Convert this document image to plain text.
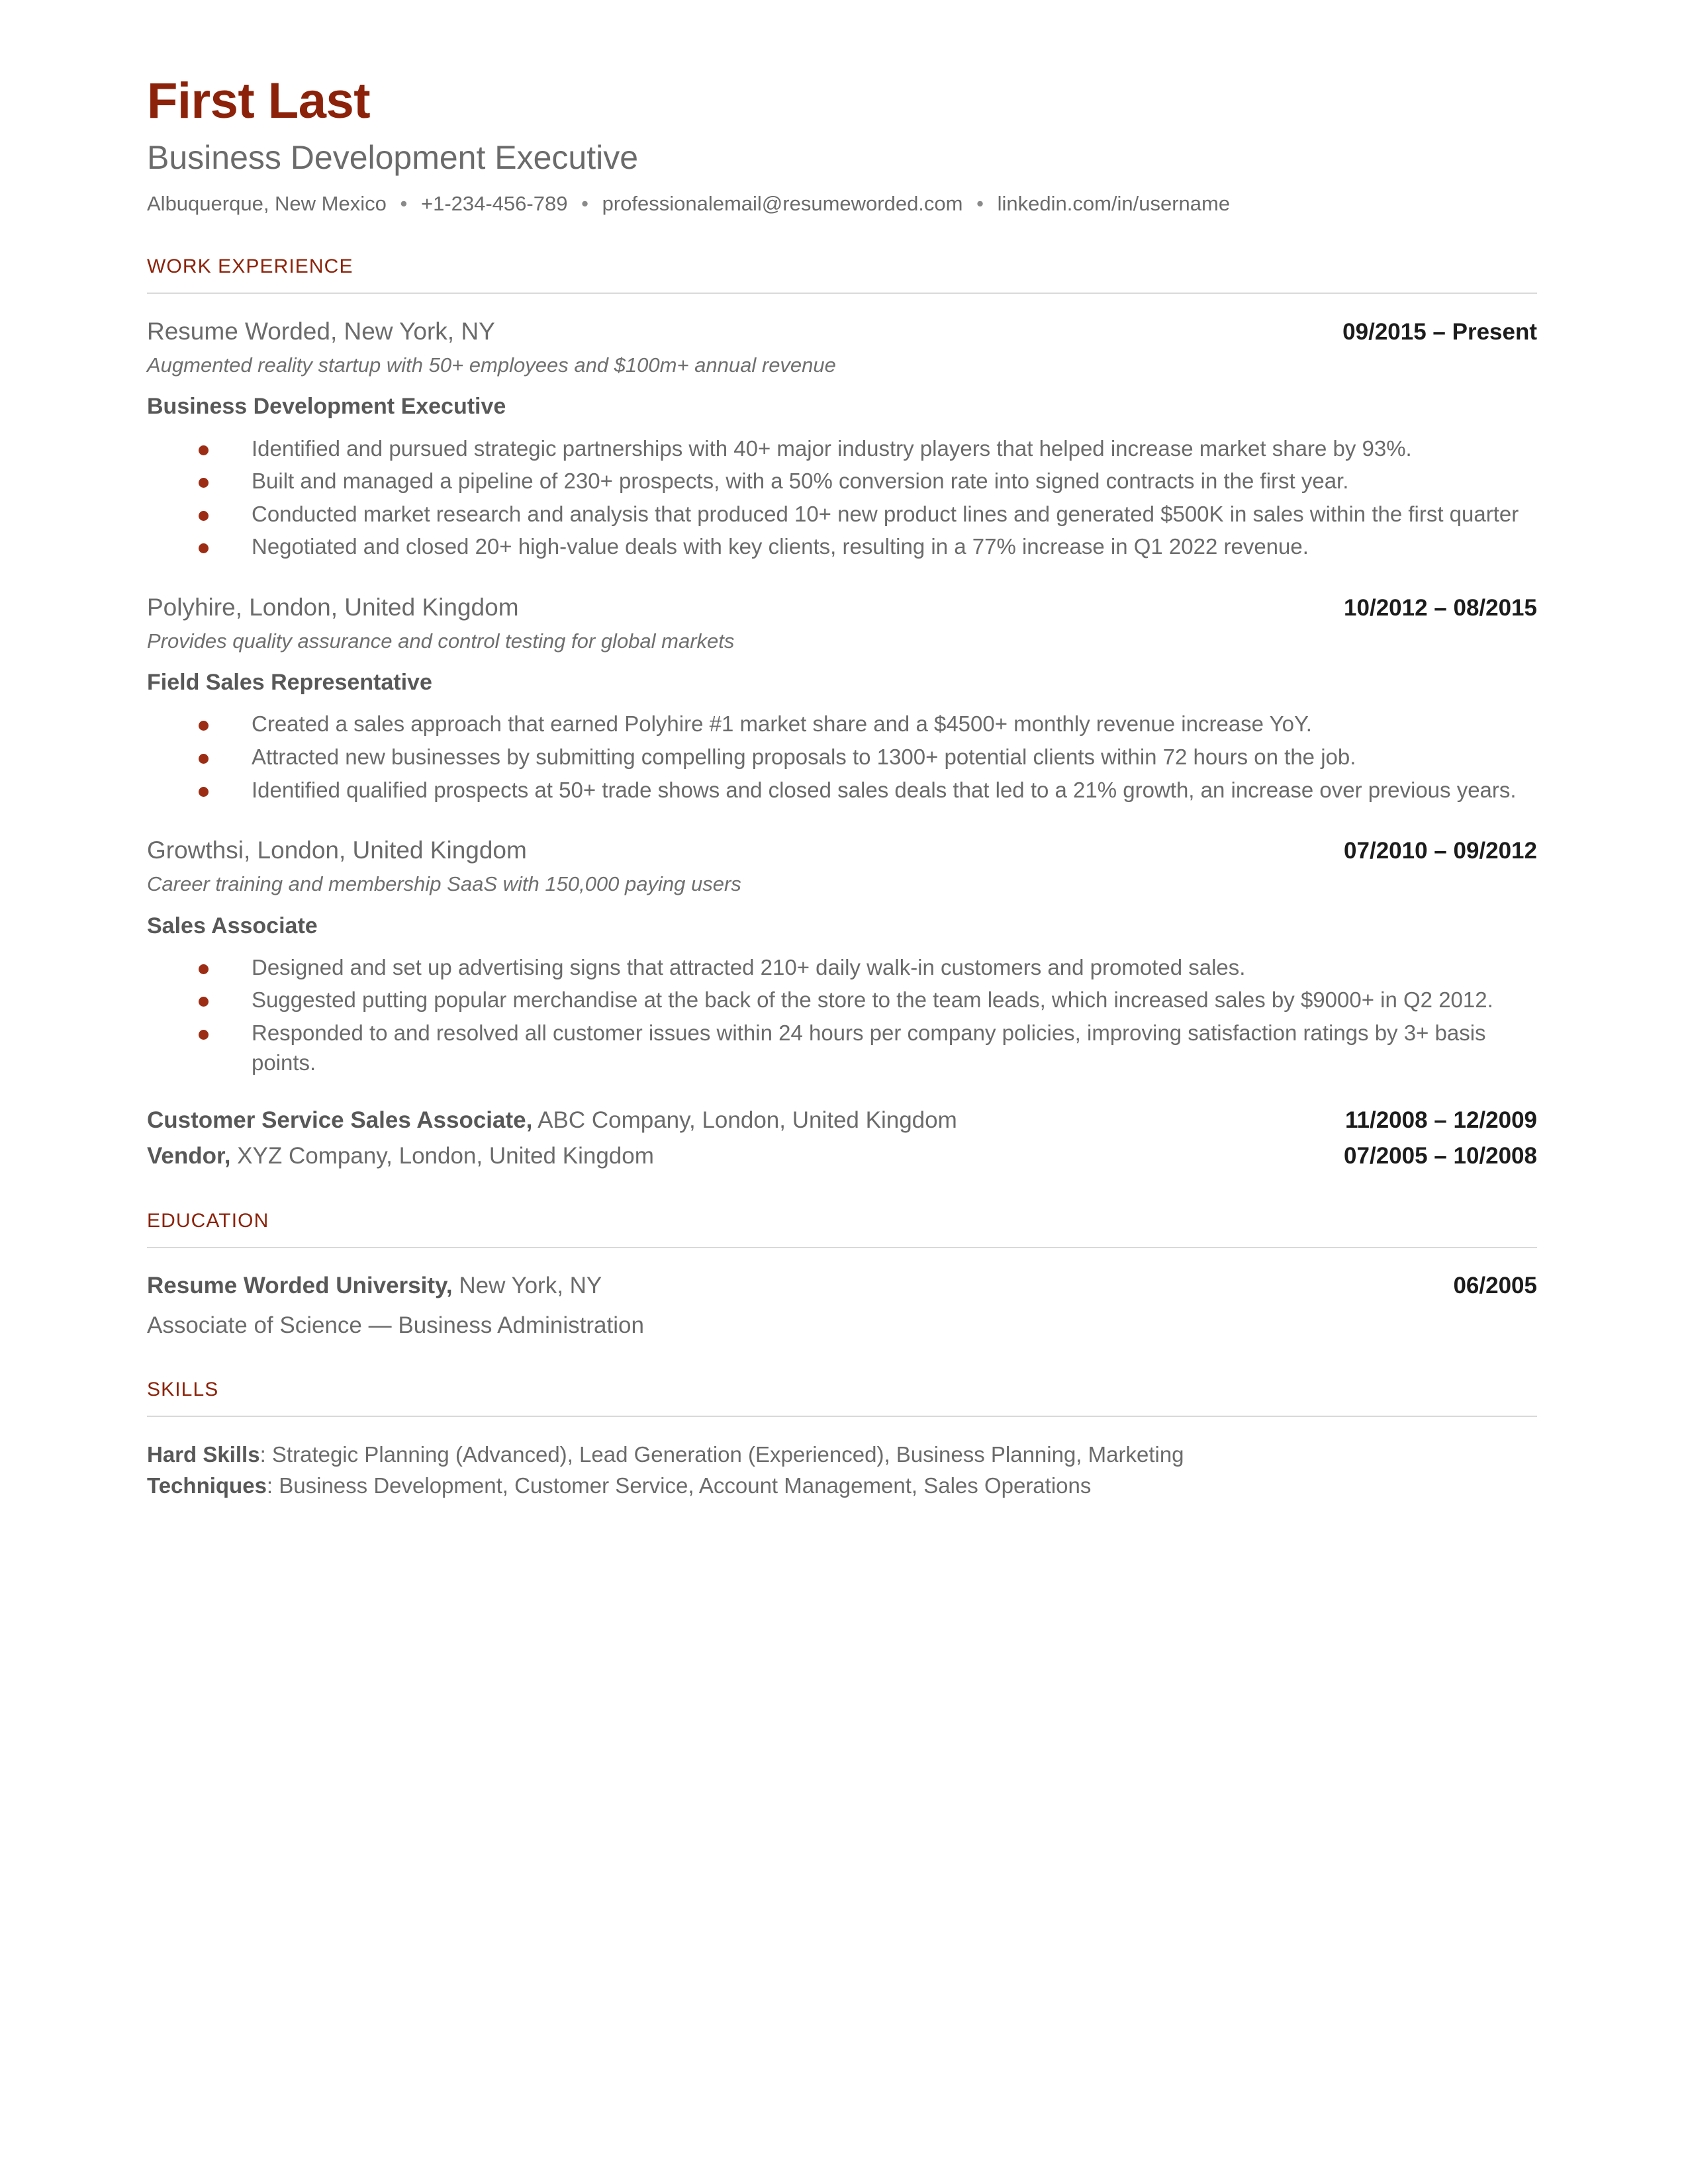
First Last
Business Development Executive
Albuquerque, New Mexico • +1-234-456-789 • professionalemail@resumeworded.com • linkedin.com/in/username
WORK EXPERIENCE
Resume Worded, New York, NY	09/2015 – Present
Augmented reality startup with 50+ employees and $100m+ annual revenue
Business Development Executive
Identified and pursued strategic partnerships with 40+ major industry players that helped increase market share by 93%.
Built and managed a pipeline of 230+ prospects, with a 50% conversion rate into signed contracts in the first year.
Conducted market research and analysis that produced 10+ new product lines and generated $500K in sales within the first quarter
Negotiated and closed 20+ high-value deals with key clients, resulting in a 77% increase in Q1 2022 revenue.
Polyhire, London, United Kingdom	10/2012 – 08/2015
Provides quality assurance and control testing for global markets
Field Sales Representative
Created a sales approach that earned Polyhire #1 market share and a $4500+ monthly revenue increase YoY.
Attracted new businesses by submitting compelling proposals to 1300+ potential clients within 72 hours on the job.
Identified qualified prospects at 50+ trade shows and closed sales deals that led to a 21% growth, an increase over previous years.
Growthsi, London, United Kingdom	07/2010 – 09/2012
Career training and membership SaaS with 150,000 paying users
Sales Associate
Designed and set up advertising signs that attracted 210+ daily walk-in customers and promoted sales.
Suggested putting popular merchandise at the back of the store to the team leads, which increased sales by $9000+ in Q2 2012.
Responded to and resolved all customer issues within 24 hours per company policies, improving satisfaction ratings by 3+ basis points.
Customer Service Sales Associate, ABC Company, London, United Kingdom	11/2008 – 12/2009
Vendor, XYZ Company, London, United Kingdom	07/2005 – 10/2008
EDUCATION
Resume Worded University, New York, NY	06/2005
Associate of Science — Business Administration
SKILLS
Hard Skills: Strategic Planning (Advanced), Lead Generation (Experienced), Business Planning, Marketing
Techniques: Business Development, Customer Service, Account Management, Sales Operations
